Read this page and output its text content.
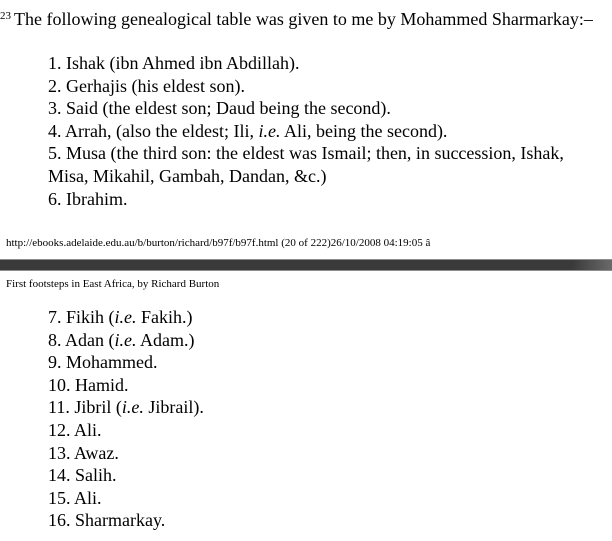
$^{23}$ The following genealogical table was given to me by Mohammed Sharmarkay:–
1. Ishak (ibn Ahmed ibn Abdillah).
2. Gerhajis (his eldest son).
3. Said (the eldest son; Daud being the second).
4. Arrah, (also the eldest; Ili, i.e. Ali, being the second).
5. Musa (the third son: the eldest was Ismail; then, in succession, Ishak, Misa, Mikahil, Gambah, Dandan, &c.)
6. Ibrahim.
http://ebooks.adelaide.edu.au/b/burton/richard/b97f/b97f.html (20 of 222)26/10/2008 04:19:05 â
First footsteps in East Africa, by Richard Burton
7. Fikih (i.e. Fakih.)
8. Adan (i.e. Adam.)
9. Mohammed.
10. Hamid.
11. Jibril (i.e. Jibrail).
12. Ali.
13. Awaz.
14. Salih.
15. Ali.
16. Sharmarkay.
